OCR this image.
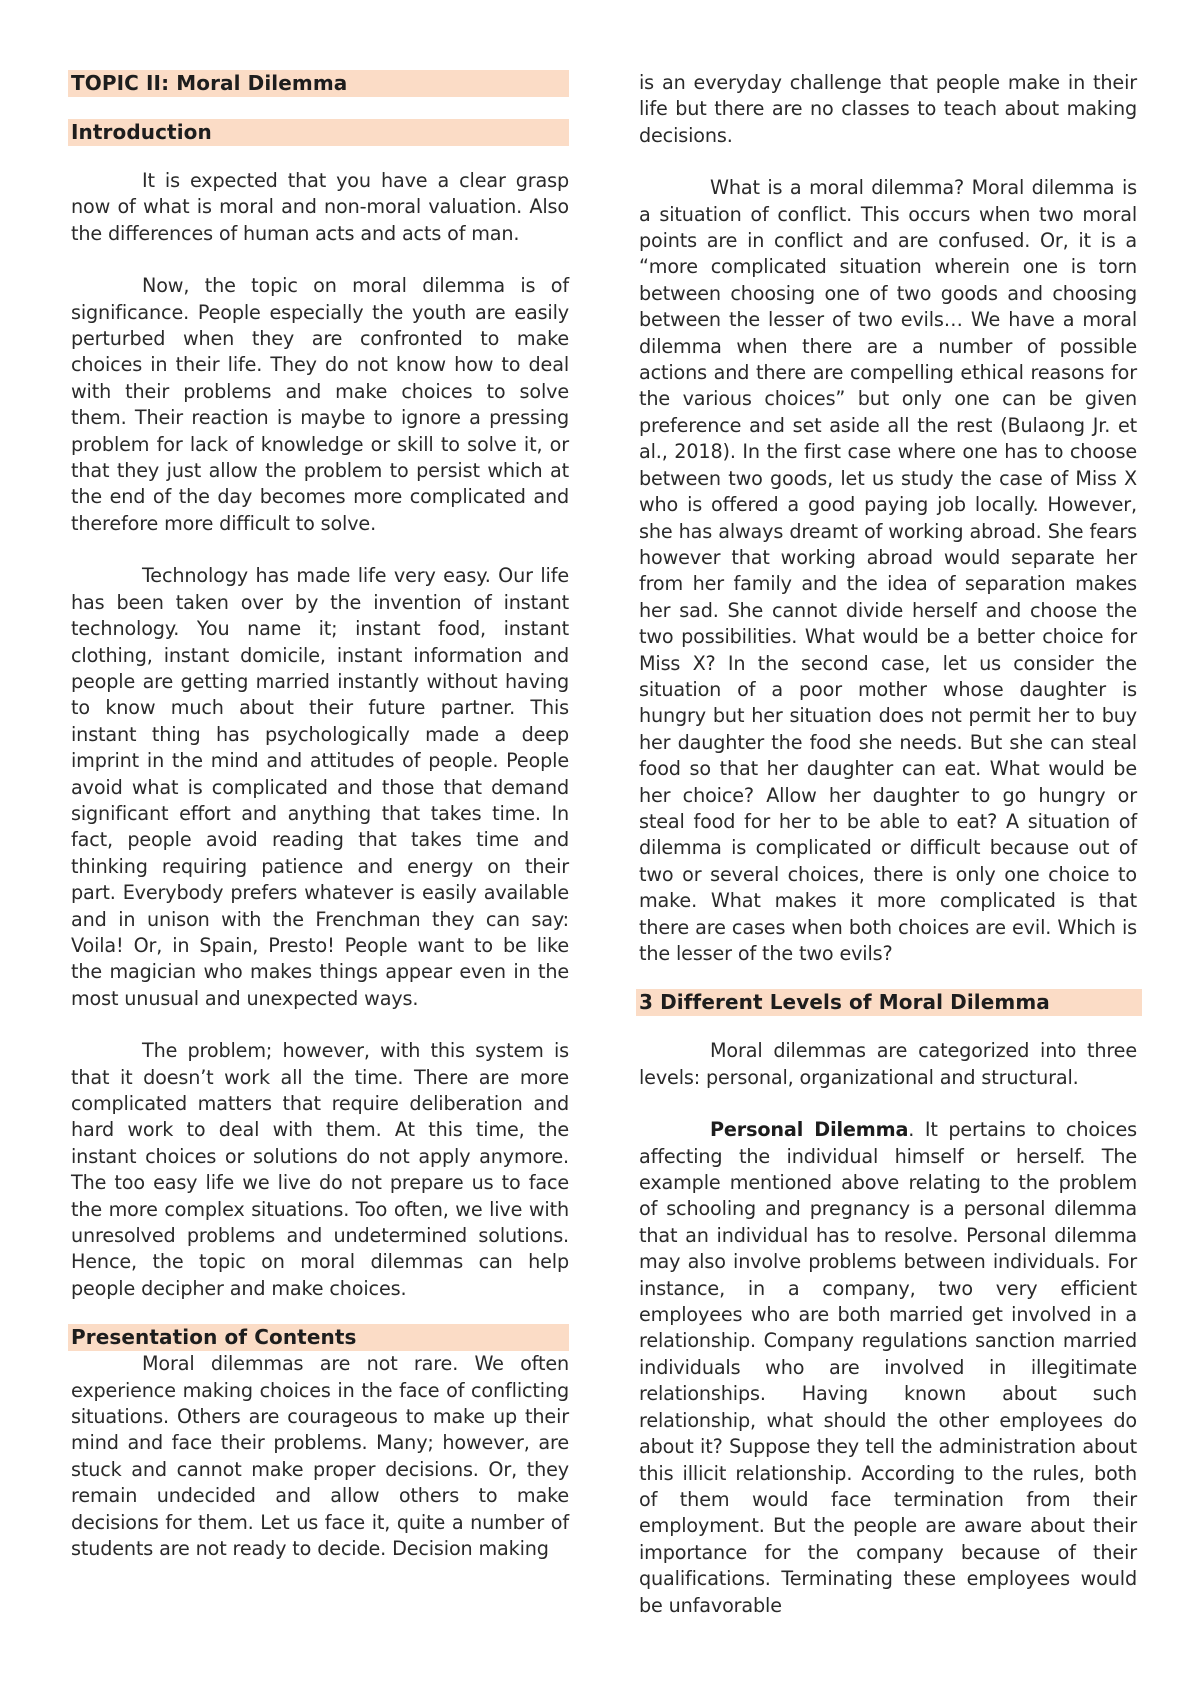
TOPIC II: Moral Dilemma
Introduction

It is expected that you have a clear grasp now of what is moral and non-moral valuation. Also the differences of human acts and acts of man.

Now, the topic on moral dilemma is of significance. People especially the youth are easily perturbed when they are confronted to make choices in their life. They do not know how to deal with their problems and make choices to solve them. Their reaction is maybe to ignore a pressing problem for lack of knowledge or skill to solve it, or that they just allow the problem to persist which at the end of the day becomes more complicated and therefore more difficult to solve.

Technology has made life very easy. Our life has been taken over by the invention of instant technology. You name it; instant food, instant clothing, instant domicile, instant information and people are getting married instantly without having to know much about their future partner. This instant thing has psychologically made a deep imprint in the mind and attitudes of people. People avoid what is complicated and those that demand significant effort and anything that takes time. In fact, people avoid reading that takes time and thinking requiring patience and energy on their part. Everybody prefers whatever is easily available and in unison with the Frenchman they can say: Voila! Or, in Spain, Presto! People want to be like the magician who makes things appear even in the most unusual and unexpected ways.

The problem; however, with this system is that it doesn’t work all the time. There are more complicated matters that require deliberation and hard work to deal with them. At this time, the instant choices or solutions do not apply anymore. The too easy life we live do not prepare us to face the more complex situations. Too often, we live with unresolved problems and undetermined solutions. Hence, the topic on moral dilemmas can help people decipher and make choices.

Presentation of Contents

Moral dilemmas are not rare. We often experience making choices in the face of conflicting situations. Others are courageous to make up their mind and face their problems. Many; however, are stuck and cannot make proper decisions. Or, they remain undecided and allow others to make decisions for them. Let us face it, quite a number of students are not ready to decide. Decision making

is an everyday challenge that people make in their life but there are no classes to teach about making decisions.

What is a moral dilemma? Moral dilemma is a situation of conflict. This occurs when two moral points are in conflict and are confused. Or, it is a “more complicated situation wherein one is torn between choosing one of two goods and choosing between the lesser of two evils… We have a moral dilemma when there are a number of possible actions and there are compelling ethical reasons for the various choices” but only one can be given preference and set aside all the rest (Bulaong Jr. et al., 2018). In the first case where one has to choose between two goods, let us study the case of Miss X who is offered a good paying job locally. However, she has always dreamt of working abroad. She fears however that working abroad would separate her from her family and the idea of separation makes her sad. She cannot divide herself and choose the two possibilities. What would be a better choice for Miss X? In the second case, let us consider the situation of a poor mother whose daughter is hungry but her situation does not permit her to buy her daughter the food she needs. But she can steal food so that her daughter can eat. What would be her choice? Allow her daughter to go hungry or steal food for her to be able to eat? A situation of dilemma is complicated or difficult because out of two or several choices, there is only one choice to make. What makes it more complicated is that there are cases when both choices are evil. Which is the lesser of the two evils?

3 Different Levels of Moral Dilemma

Moral dilemmas are categorized into three levels: personal, organizational and structural.

Personal Dilemma. It pertains to choices affecting the individual himself or herself. The example mentioned above relating to the problem of schooling and pregnancy is a personal dilemma that an individual has to resolve. Personal dilemma may also involve problems between individuals. For instance, in a company, two very efficient employees who are both married get involved in a relationship. Company regulations sanction married individuals who are involved in illegitimate relationships. Having known about such relationship, what should the other employees do about it? Suppose they tell the administration about this illicit relationship. According to the rules, both of them would face termination from their employment. But the people are aware about their importance for the company because of their qualifications. Terminating these employees would be unfavorable
